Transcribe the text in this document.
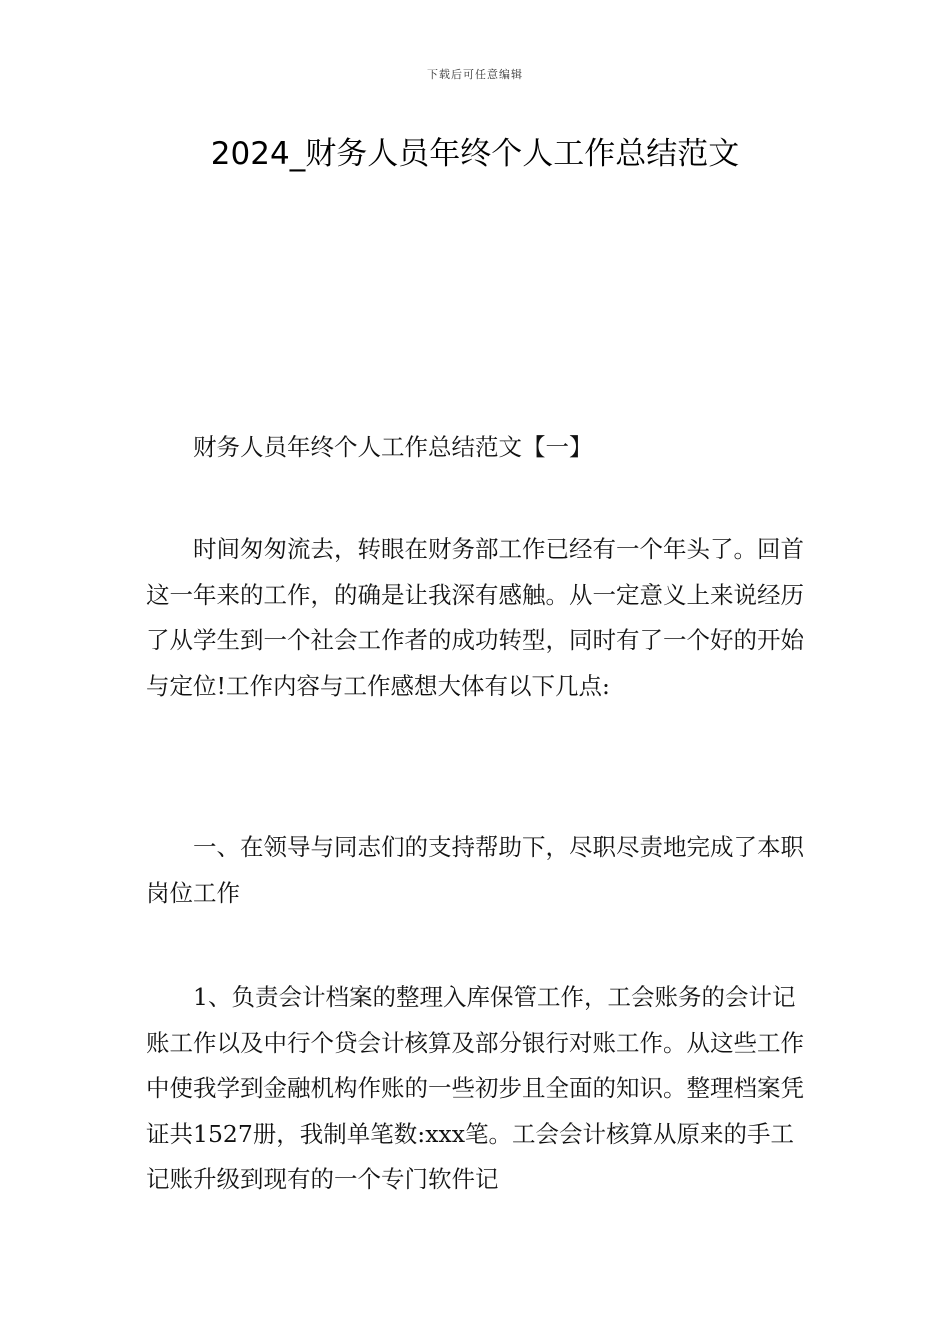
下载后可任意编辑
2024_财务人员年终个人工作总结范文

财务人员年终个人工作总结范文【一】

时间匆匆流去，转眼在财务部工作已经有一个年头了。回首这一年来的工作，的确是让我深有感触。从一定意义上来说经历了从学生到一个社会工作者的成功转型，同时有了一个好的开始与定位!工作内容与工作感想大体有以下几点:

一、在领导与同志们的支持帮助下，尽职尽责地完成了本职岗位工作

1、负责会计档案的整理入库保管工作，工会账务的会计记账工作以及中行个贷会计核算及部分银行对账工作。从这些工作中使我学到金融机构作账的一些初步且全面的知识。整理档案凭证共1527册，我制单笔数:xxx笔。工会会计核算从原来的手工记账升级到现有的一个专门软件记
